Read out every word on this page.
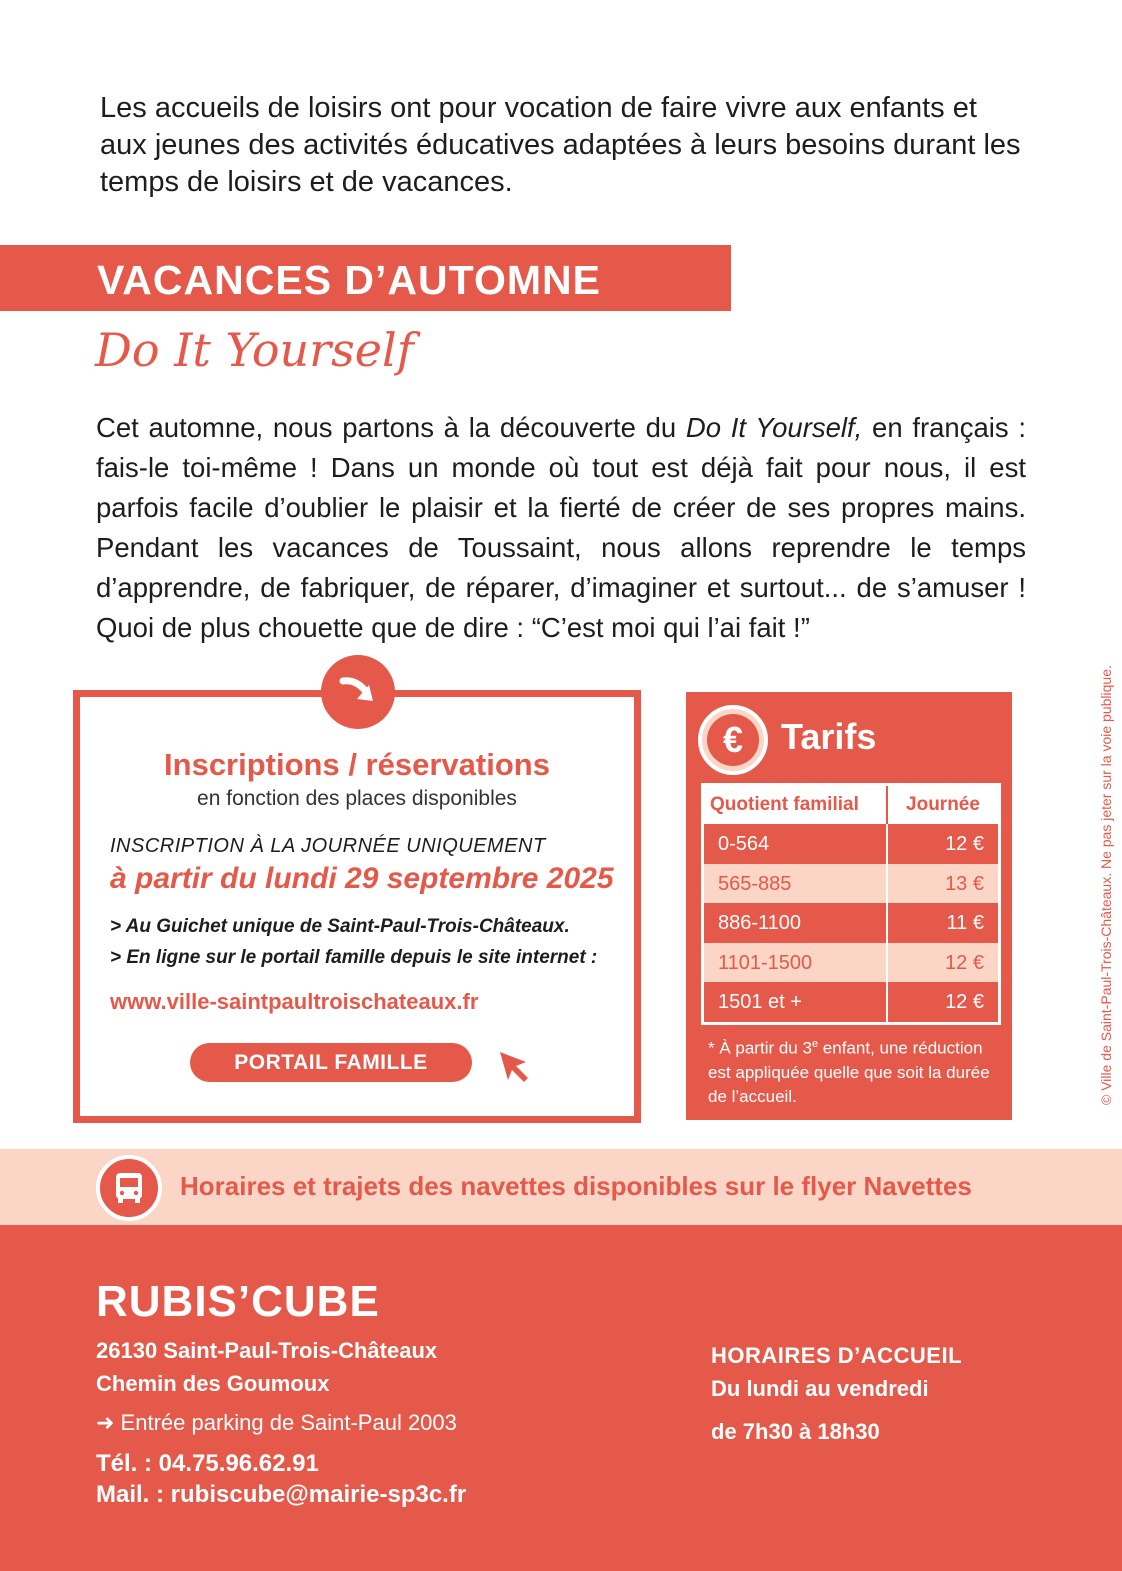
Les accueils de loisirs ont pour vocation de faire vivre aux enfants et aux jeunes des activités éducatives adaptées à leurs besoins durant les temps de loisirs et de vacances.

VACANCES D’AUTOMNE
Do It Yourself

Cet automne, nous partons à la découverte du Do It Yourself, en français : fais-le toi-même ! Dans un monde où tout est déjà fait pour nous, il est parfois facile d’oublier le plaisir et la fierté de créer de ses propres mains. Pendant les vacances de Toussaint, nous allons reprendre le temps d’apprendre, de fabriquer, de réparer, d’imaginer et surtout... de s’amuser ! Quoi de plus chouette que de dire : “C’est moi qui l’ai fait !”

Inscriptions / réservations
en fonction des places disponibles
INSCRIPTION À LA JOURNÉE UNIQUEMENT
à partir du lundi 29 septembre 2025
> Au Guichet unique de Saint-Paul-Trois-Châteaux.
> En ligne sur le portail famille depuis le site internet :
www.ville-saintpaultroischateaux.fr
PORTAIL FAMILLE
€	Tarifs
Quotient familial	Journée
0-564	12 €
565-885	13 €
886-1100	11 €
1101-1500	12 €
1501 et +	12 €

* À partir du 3e enfant, une réduction est appliquée quelle que soit la durée de l’accueil.	© Ville de Saint-Paul-Trois-Châteaux. Ne pas jeter sur la voie publique.
Horaires et trajets des navettes disponibles sur le flyer Navettes
RUBIS’CUBE
26130 Saint-Paul-Trois-Châteaux
Chemin des Goumoux
➜ Entrée parking de Saint-Paul 2003
Tél. : 04.75.96.62.91
Mail. : rubiscube@mairie-sp3c.fr
HORAIRES D’ACCUEIL
Du lundi au vendredi
de 7h30 à 18h30
